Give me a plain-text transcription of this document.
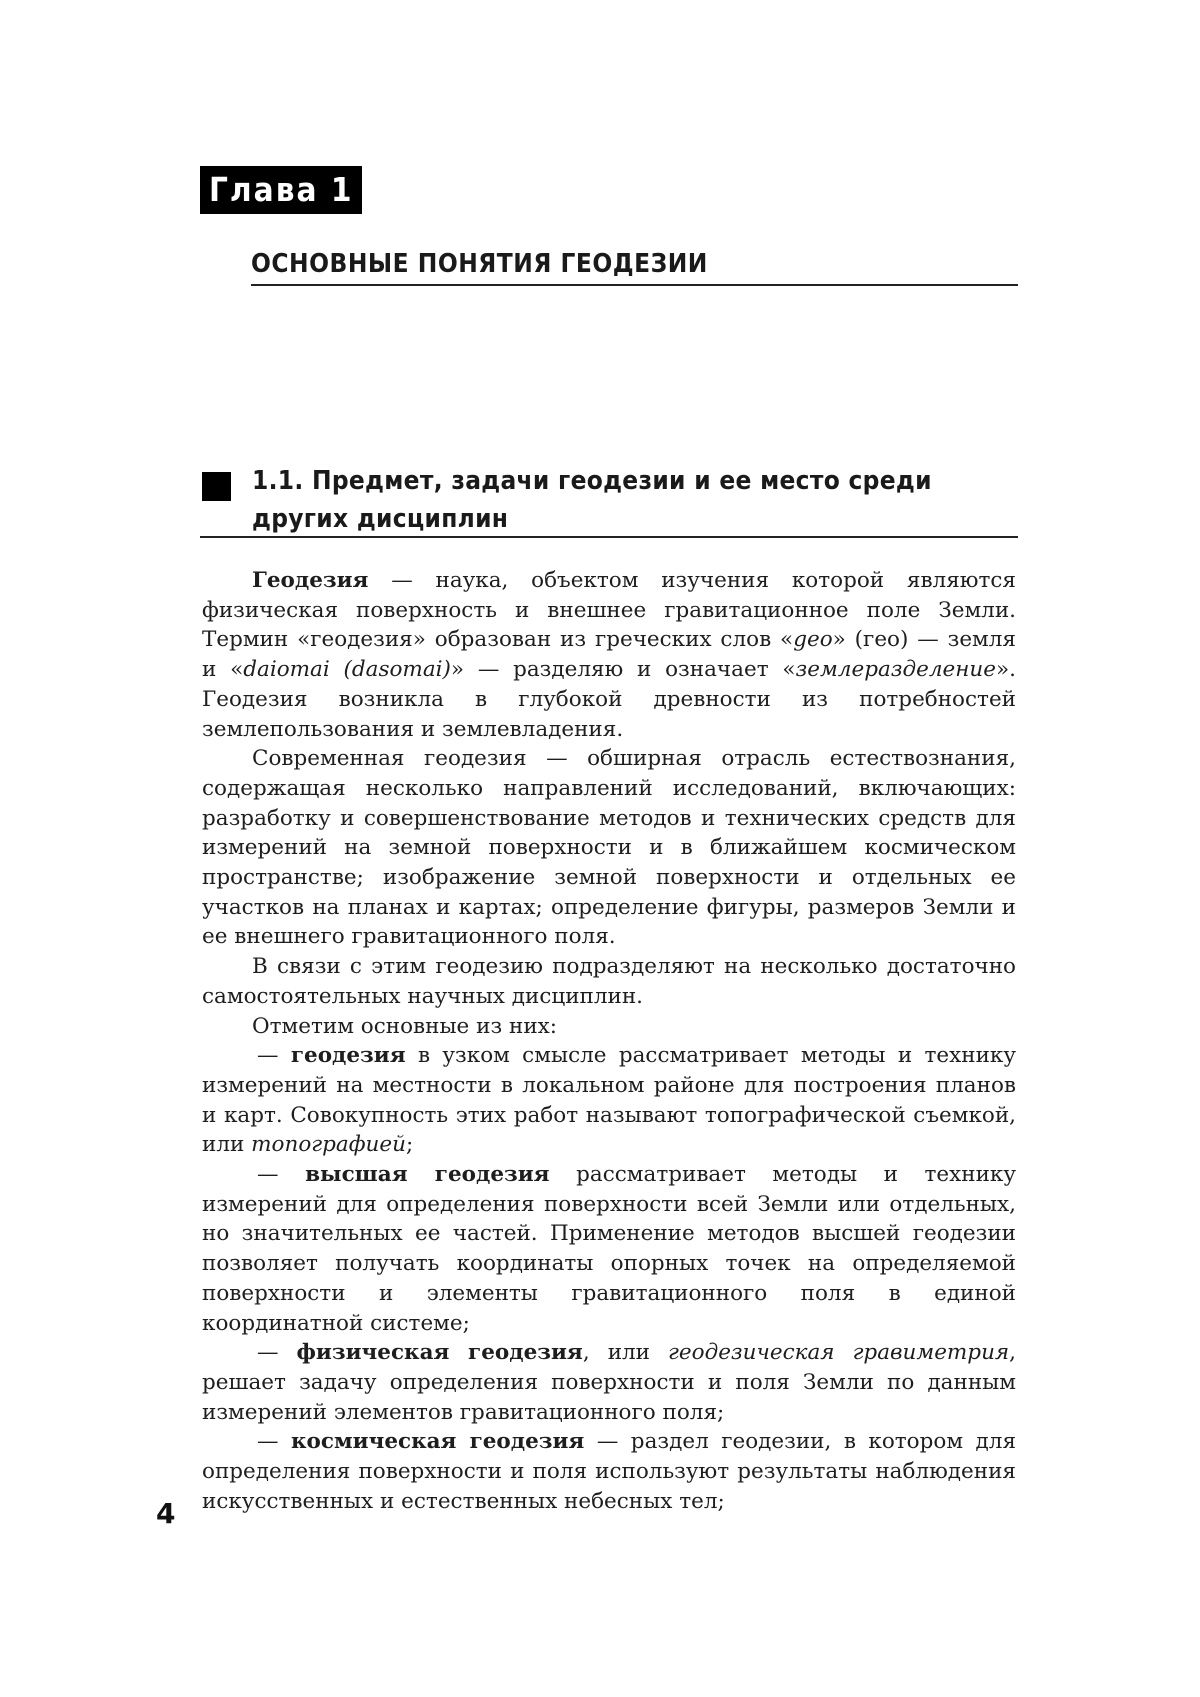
Глава 1
ОСНОВНЫЕ ПОНЯТИЯ ГЕОДЕЗИИ
1.1. Предмет, задачи геодезии и ее место среди других дисциплин

Геодезия — наука, объектом изучения которой являются физическая поверхность и внешнее гравитационное поле Земли. Термин «геодезия» образован из греческих слов «geo» (гео) — земля и «daiomai (dasomai)» — разделяю и означает «землеразделение». Геодезия возникла в глубокой древности из потребностей землепользования и землевладения.

Современная геодезия — обширная отрасль естествознания, содержащая несколько направлений исследований, включающих: разработку и совершенствование методов и технических средств для измерений на земной поверхности и в ближайшем космическом пространстве; изображение земной поверхности и отдельных ее участков на планах и картах; определение фигуры, размеров Земли и ее внешнего гравитационного поля.

В связи с этим геодезию подразделяют на несколько достаточно самостоятельных научных дисциплин.

Отметим основные из них:

— геодезия в узком смысле рассматривает методы и технику измерений на местности в локальном районе для построения планов и карт. Совокупность этих работ называют топографической съемкой, или топографией;

— высшая геодезия рассматривает методы и технику измерений для определения поверхности всей Земли или отдельных, но значительных ее частей. Применение методов высшей геодезии позволяет получать координаты опорных точек на определяемой поверхности и элементы гравитационного поля в единой координатной системе;

— физическая геодезия, или геодезическая гравиметрия, решает задачу определения поверхности и поля Земли по данным измерений элементов гравитационного поля;

— космическая геодезия — раздел геодезии, в котором для определения поверхности и поля используют результаты наблюдения искусственных и естественных небесных тел;

4
